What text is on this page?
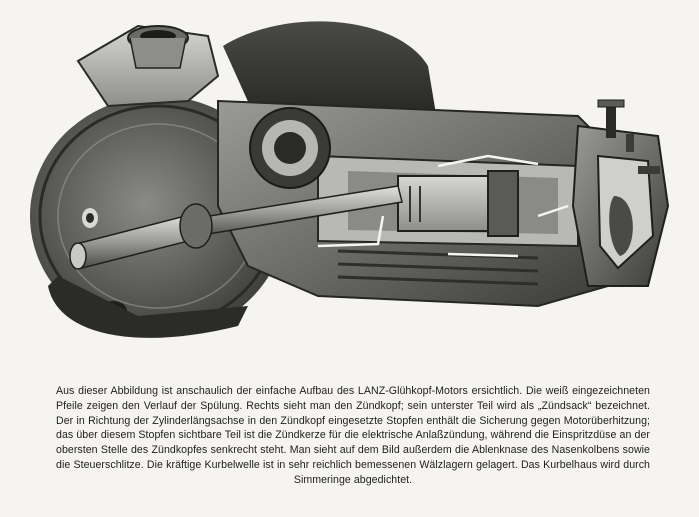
Aus dieser Abbildung ist anschaulich der einfache Aufbau des LANZ-Glühkopf-Motors ersichtlich. Die weiß eingezeichneten Pfeile zeigen den Verlauf der Spülung. Rechts sieht man den Zündkopf; sein unterster Teil wird als „Zündsack“ bezeichnet. Der in Richtung der Zylinderlängsachse in den Zündkopf eingesetzte Stopfen enthält die Sicherung gegen Motorüberhitzung; das über diesem Stopfen sichtbare Teil ist die Zündkerze für die elektrische Anlaßzündung, während die Einspritzdüse an der obersten Stelle des Zündkopfes senkrecht steht. Man sieht auf dem Bild außerdem die Ablenknase des Nasenkolbens sowie die Steuerschlitze. Die kräftige Kurbelwelle ist in sehr reichlich bemessenen Wälzlagern gelagert. Das Kurbelhaus wird durch Simmeringe abgedichtet.
